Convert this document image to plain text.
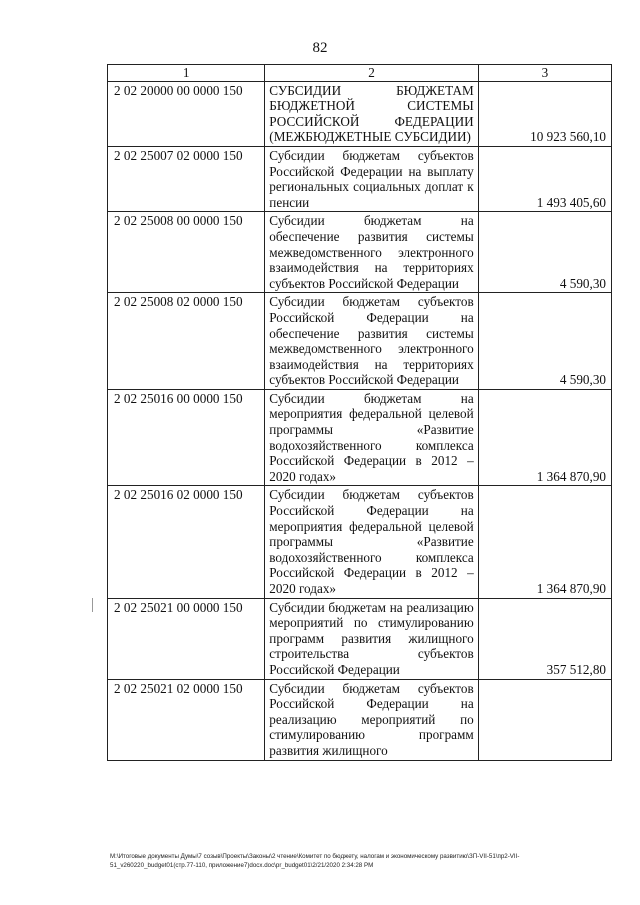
82
1	2	3
2 02 20000 00 0000 150	СУБСИДИИ БЮДЖЕТАМ БЮДЖЕТНОЙ СИСТЕМЫ РОССИЙСКОЙ ФЕДЕРАЦИИ (МЕЖБЮДЖЕТНЫЕ СУБСИДИИ)	10 923 560,10
2 02 25007 02 0000 150	Субсидии бюджетам субъектов Российской Федерации на выплату региональных социальных доплат к пенсии	1 493 405,60
2 02 25008 00 0000 150	Субсидии бюджетам на обеспечение развития системы межведомственного электронного взаимодействия на территориях субъектов Российской Федерации	4 590,30
2 02 25008 02 0000 150	Субсидии бюджетам субъектов Российской Федерации на обеспечение развития системы межведомственного электронного взаимодействия на территориях субъектов Российской Федерации	4 590,30
2 02 25016 00 0000 150	Субсидии бюджетам на мероприятия федеральной целевой программы «Развитие водохозяйственного комплекса Российской Федерации в 2012 – 2020 годах»	1 364 870,90
2 02 25016 02 0000 150	Субсидии бюджетам субъектов Российской Федерации на мероприятия федеральной целевой программы «Развитие водохозяйственного комплекса Российской Федерации в 2012 – 2020 годах»	1 364 870,90
2 02 25021 00 0000 150	Субсидии бюджетам на реализацию мероприятий по стимулированию программ развития жилищного строительства субъектов Российской Федерации	357 512,80
2 02 25021 02 0000 150	Субсидии бюджетам субъектов Российской Федерации на реализацию мероприятий по стимулированию программ развития жилищного	
M:\Итоговые документы Думы\7 созыв\Проекты\Законы\2 чтение\Комитет по бюджету, налогам и экономическому развитию\ЗП-VII-51\пр2-VII-
51_v260220_budget01(стр.77-110, приложение7)docx.doc\pr_budget01\2/21/2020 2:34:28 PM
